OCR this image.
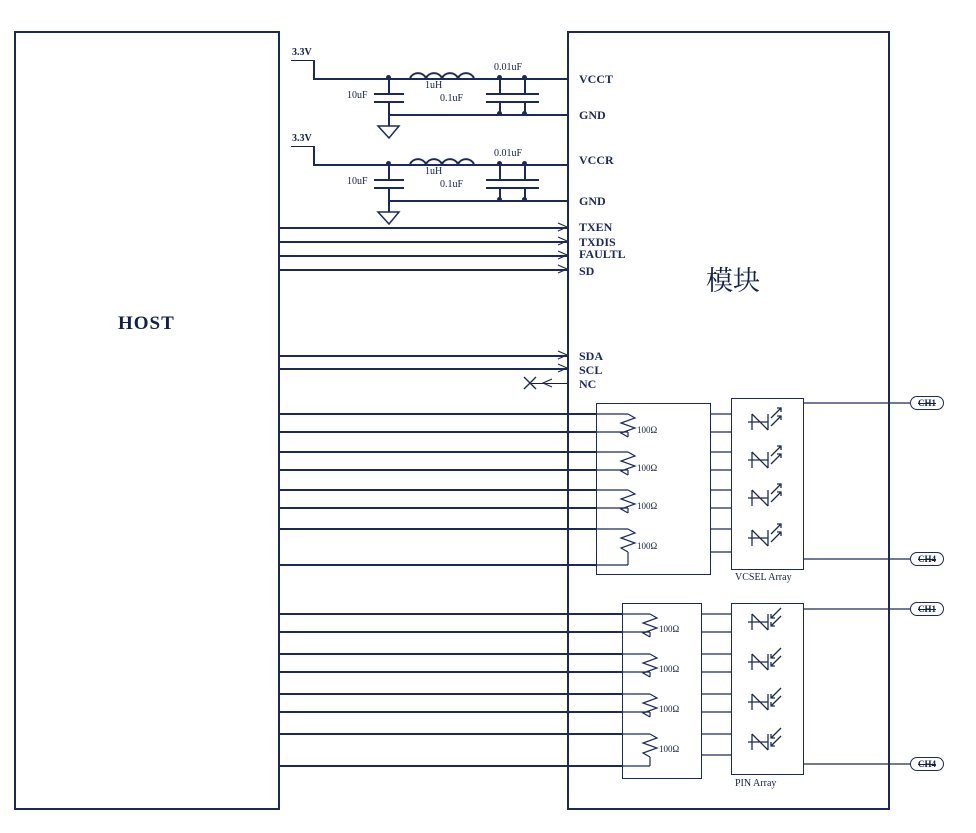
HOST
模块
3.3V
10uF
1uH
0.1uF
0.01uF
VCCT
GND
3.3V
10uF
1uH
0.1uF
0.01uF	VCCR
GND
TXEN
TXDIS
FAULTL
SD
SDA
SCL
NC
VCSEL Array
100Ω
100Ω
100Ω
100Ω
PIN Array
100Ω
100Ω
100Ω
100Ω
CH1
CH4
CH1
CH4
